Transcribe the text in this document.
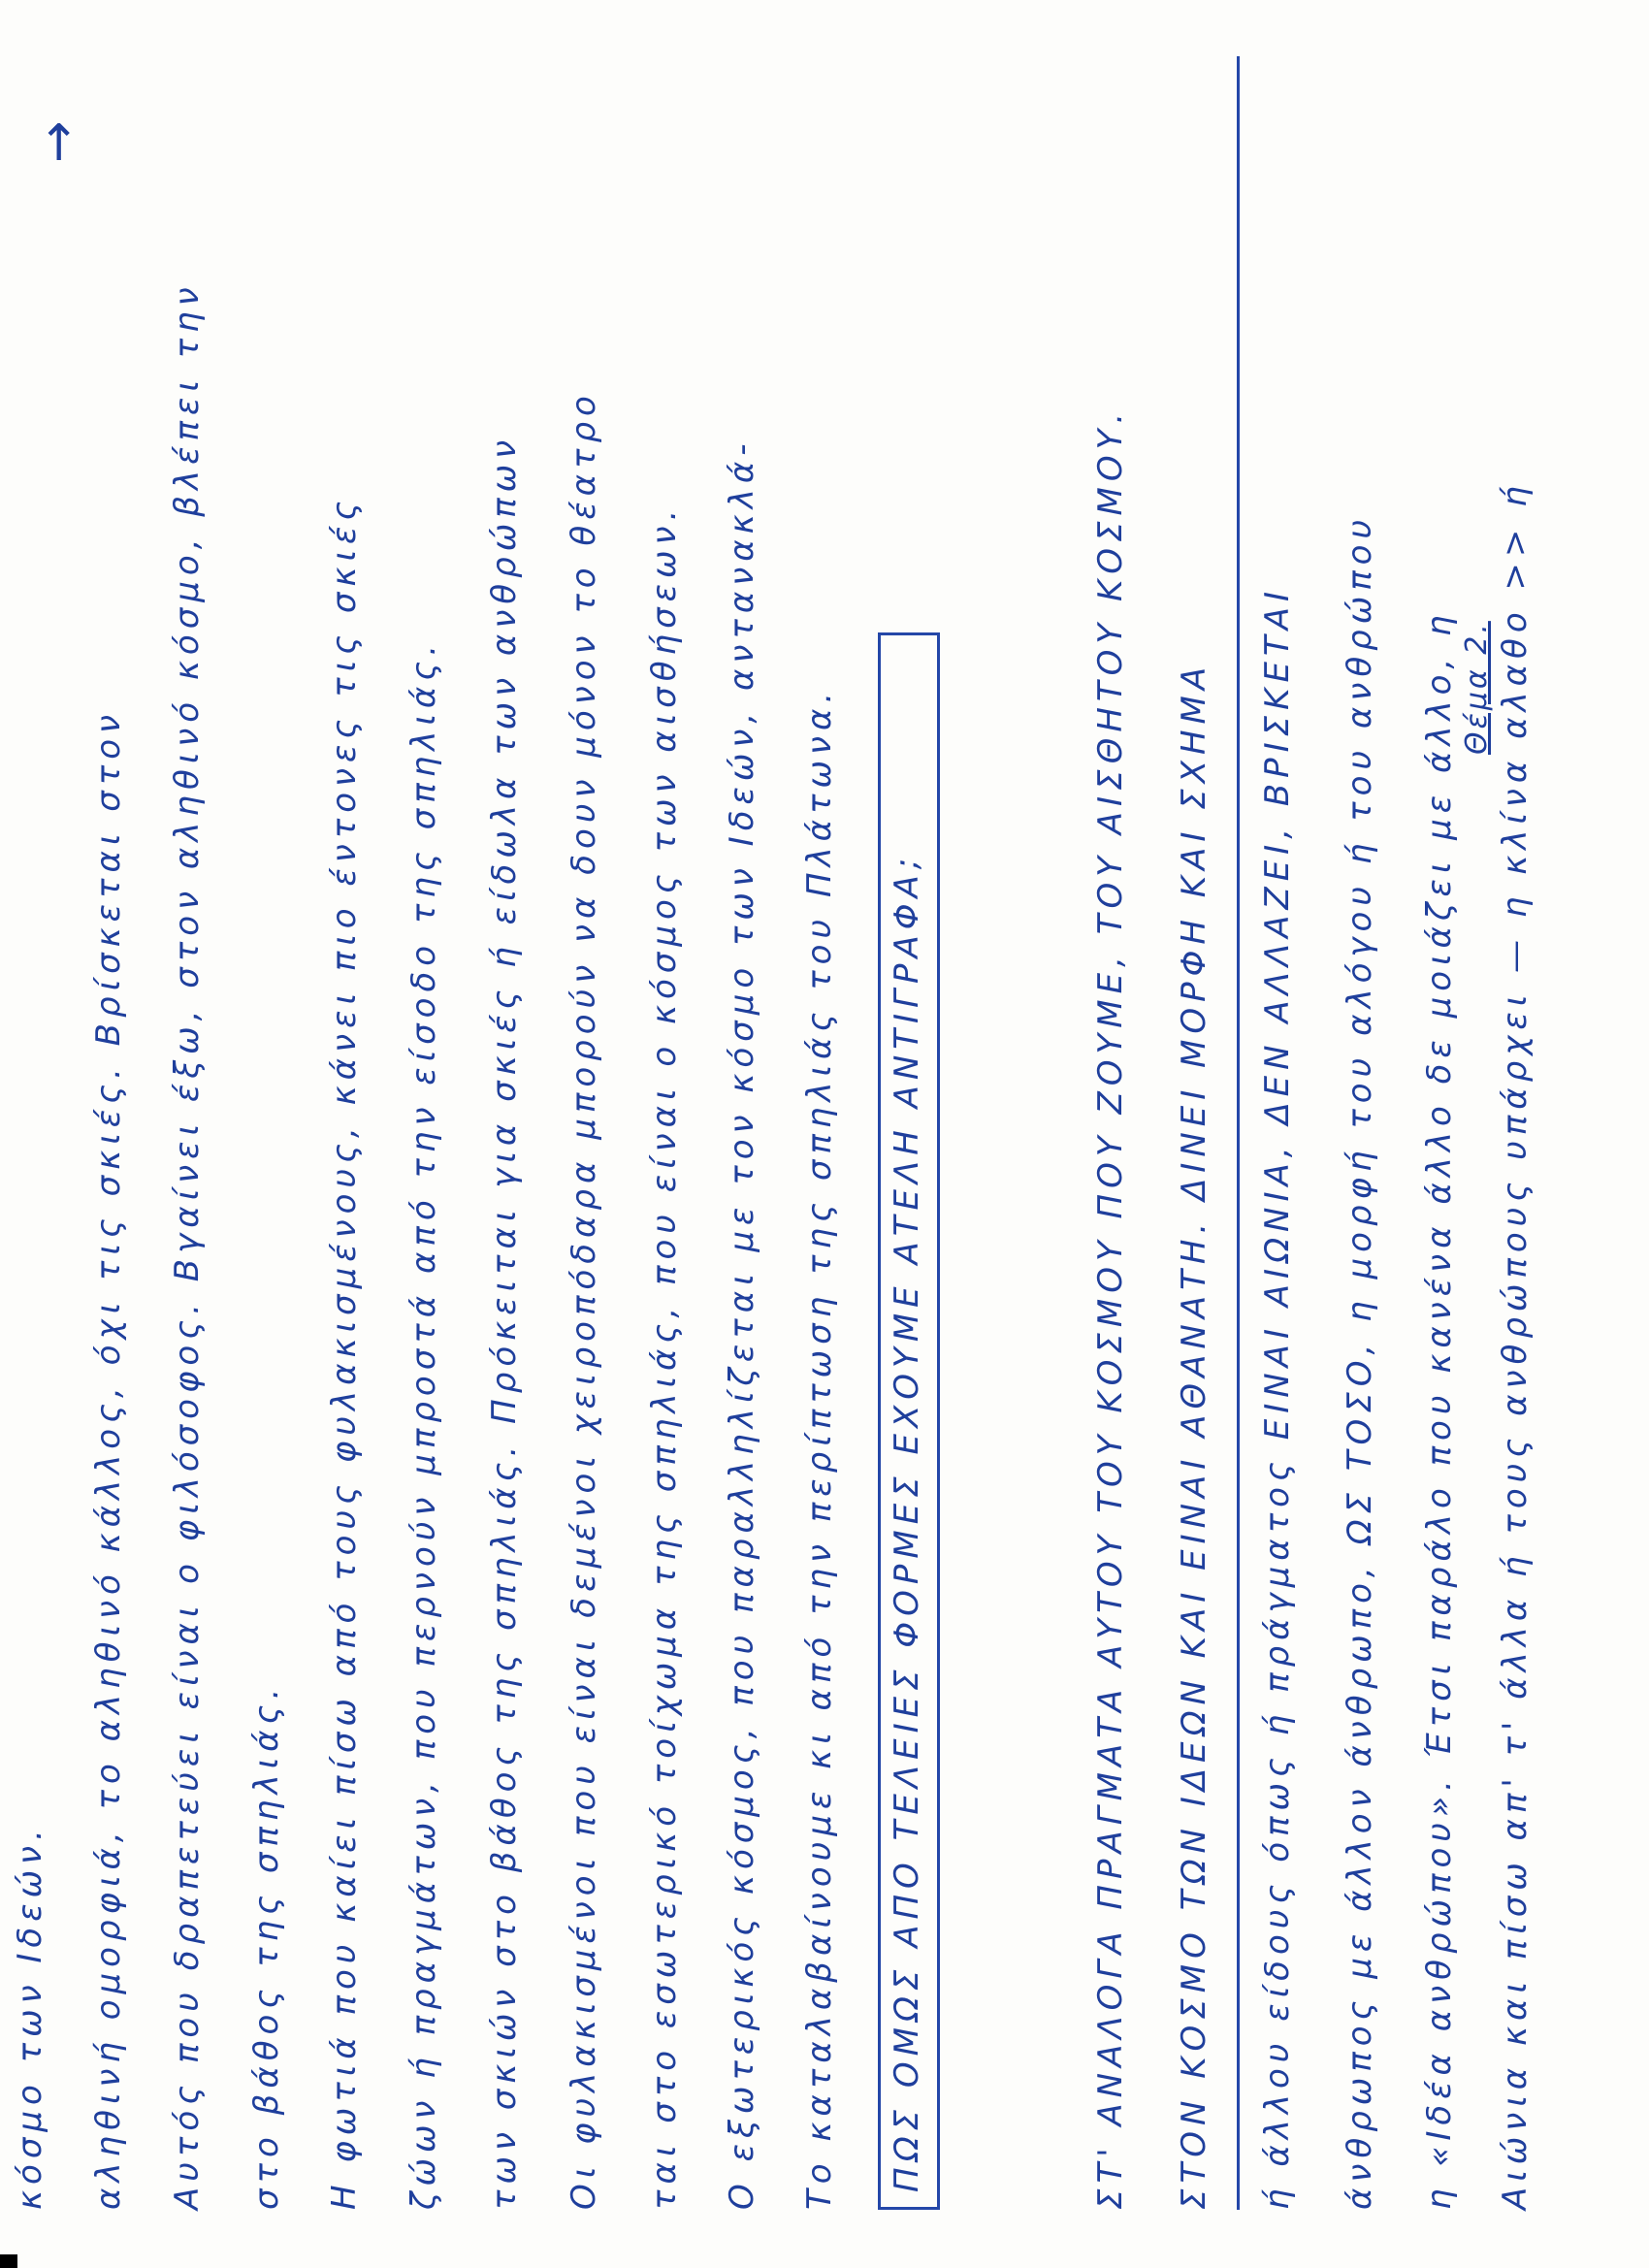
Θέμα 2. Αιώνια και πίσω απ' τ' άλλα ή τους ανθρώπους υπάρχει — η κλίνα αλαθο >> ή
η «Ιδέα ανθρώπου». Έτσι παράλο που κανένα άλλο δε μοιάζει με άλλο, η
άνθρωπος με άλλον άνθρωπο, ΩΣ ΤΟΣΟ, η μορφή του αλόγου ή του ανθρώπου
ή άλλου είδους όπως ή πράγματος ΕΙΝΑΙ ΑΙΩΝΙΑ, ΔΕΝ ΑΛΛΑΖΕΙ, ΒΡΙΣΚΕΤΑΙ
ΣΤΟΝ ΚΟΣΜΟ ΤΩΝ ΙΔΕΩΝ ΚΑΙ ΕΙΝΑΙ ΑΘΑΝΑΤΗ. ΔΙΝΕΙ ΜΟΡΦΗ ΚΑΙ ΣΧΗΜΑ
ΣΤ' ΑΝΑΛΟΓΑ ΠΡΑΓΜΑΤΑ ΑΥΤΟΥ ΤΟΥ ΚΟΣΜΟΥ ΠΟΥ ΖΟΥΜΕ, ΤΟΥ ΑΙΣΘΗΤΟΥ ΚΟΣΜΟΥ.
ΠΩΣ ΟΜΩΣ ΑΠΟ ΤΕΛΕΙΕΣ ΦΟΡΜΕΣ ΕΧΟΥΜΕ ΑΤΕΛΗ ΑΝΤΙΓΡΑΦΑ;
Το καταλαβαίνουμε κι από την περίπτωση της σπηλιάς του Πλάτωνα.
Ο εξωτερικός κόσμος, που παραλληλίζεται με τον κόσμο των Ιδεών, αντανακλά-
ται στο εσωτερικό τοίχωμα της σπηλιάς, που είναι ο κόσμος των αισθήσεων.
Οι φυλακισμένοι που είναι δεμένοι χειροπόδαρα μπορούν να δουν μόνον το θέατρο
των σκιών στο βάθος της σπηλιάς. Πρόκειται για σκιές ή είδωλα των ανθρώπων
ζώων ή πραγμάτων, που περνούν μπροστά από την είσοδο της σπηλιάς.
Η φωτιά που καίει πίσω από τους φυλακισμένους, κάνει πιο έντονες τις σκιές
στο βάθος της σπηλιάς.
Αυτός που δραπετεύει είναι ο φιλόσοφος. Βγαίνει έξω, στον αληθινό κόσμο, βλέπει την
αληθινή ομορφιά, το αληθινό κάλλος, όχι τις σκιές. Βρίσκεται στον
κόσμο των Ιδεών.
→
